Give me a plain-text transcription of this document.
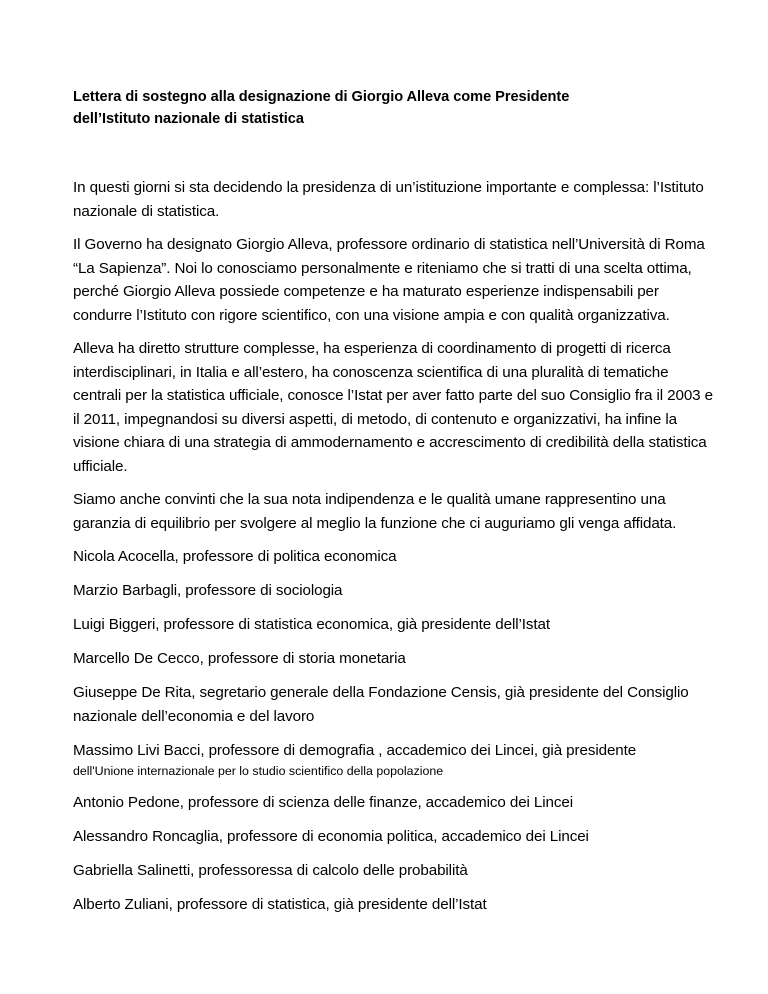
Lettera di sostegno alla designazione di Giorgio Alleva come Presidente
dell’Istituto nazionale di statistica

In questi giorni si sta decidendo la presidenza di un’istituzione importante e complessa: l’Istituto nazionale di statistica.

Il Governo ha designato Giorgio Alleva, professore ordinario di statistica nell’Università di Roma “La Sapienza”. Noi lo conosciamo personalmente e riteniamo che si tratti di una scelta ottima, perché Giorgio Alleva possiede competenze e ha maturato esperienze indispensabili per condurre l’Istituto con rigore scientifico, con una visione ampia e con qualità organizzativa.

Alleva ha diretto strutture complesse, ha esperienza di coordinamento di progetti di ricerca interdisciplinari, in Italia e all’estero, ha conoscenza scientifica di una pluralità di tematiche centrali per la statistica ufficiale, conosce l’Istat per aver fatto parte del suo Consiglio fra il 2003 e il 2011, impegnandosi su diversi aspetti, di metodo, di contenuto e organizzativi, ha infine la visione chiara di una strategia di ammodernamento e accrescimento di credibilità della statistica ufficiale.

Siamo anche convinti che la sua nota indipendenza e le qualità umane rappresentino una garanzia di equilibrio per svolgere al meglio la funzione che ci auguriamo gli venga affidata.

Nicola Acocella, professore di politica economica

Marzio Barbagli, professore di sociologia

Luigi Biggeri, professore di statistica economica, già presidente dell’Istat

Marcello De Cecco, professore di storia monetaria

Giuseppe De Rita, segretario generale della Fondazione Censis, già presidente del Consiglio nazionale dell’economia e del lavoro

Massimo Livi Bacci, professore di demografia , accademico dei Lincei, già presidente
dell'Unione internazionale per lo studio scientifico della popolazione

Antonio Pedone, professore di scienza delle finanze, accademico dei Lincei

Alessandro Roncaglia, professore di economia politica, accademico dei Lincei

Gabriella Salinetti, professoressa di calcolo delle probabilità

Alberto Zuliani, professore di statistica, già presidente dell’Istat
